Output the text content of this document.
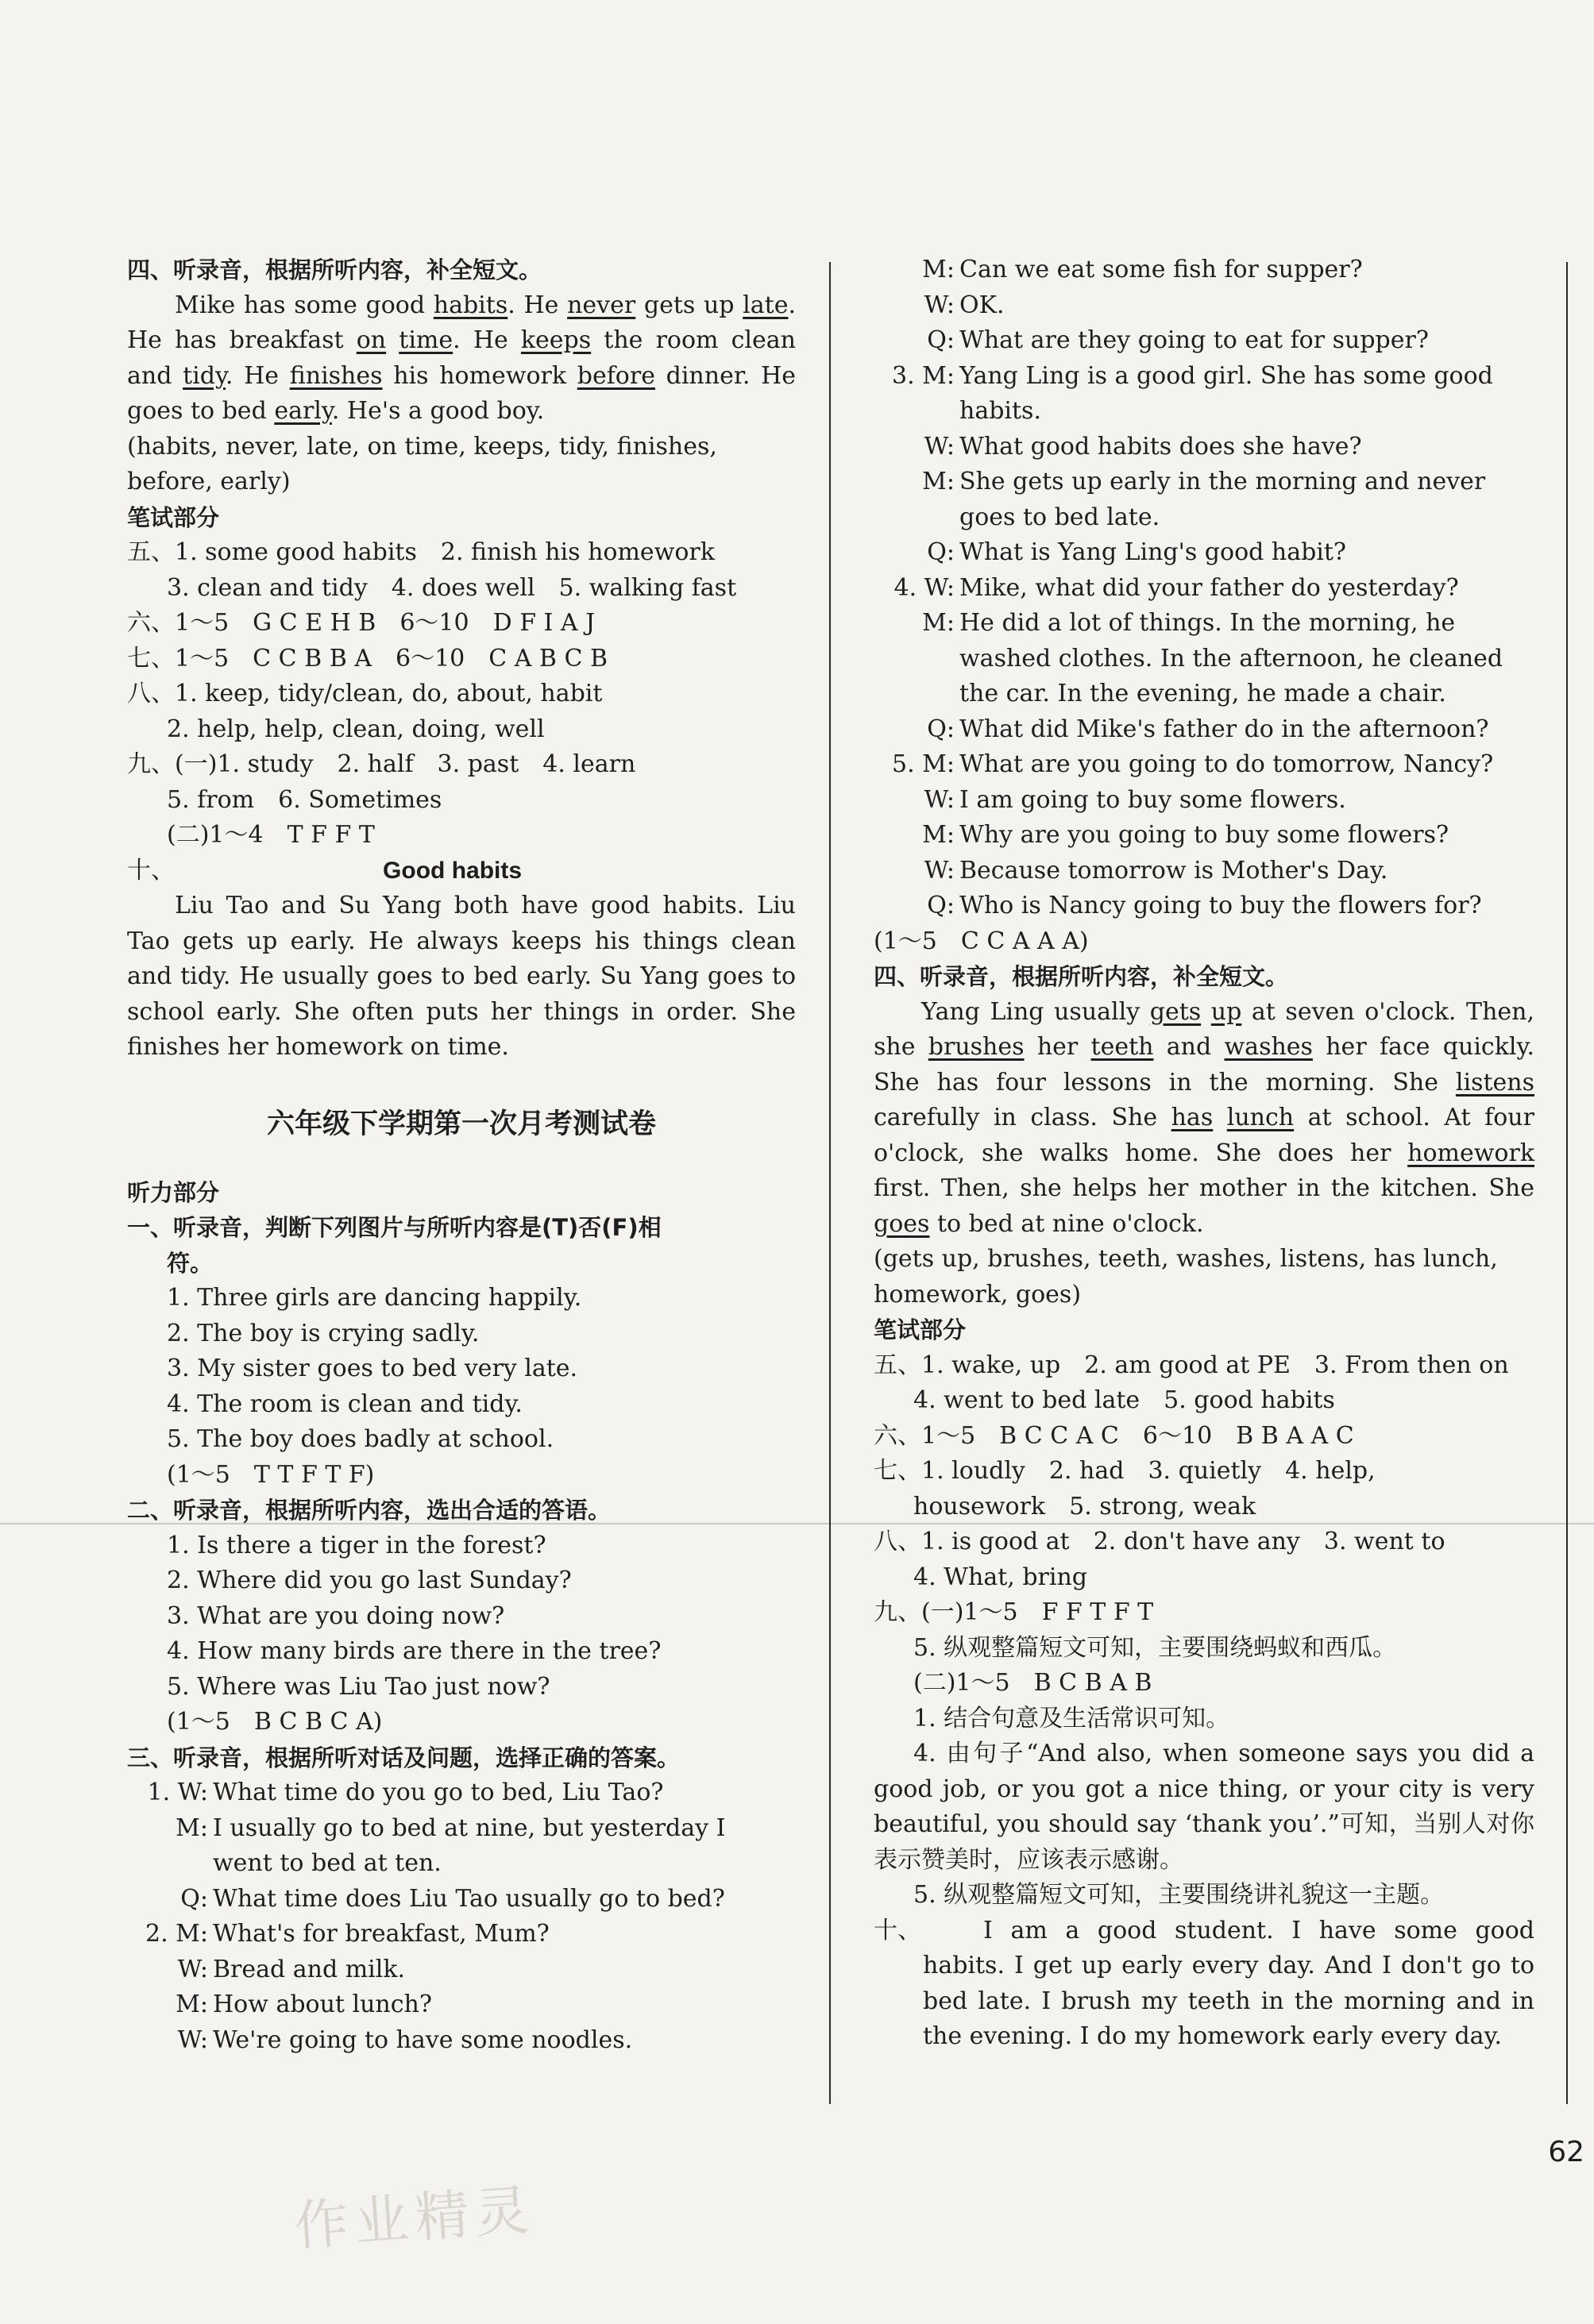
四、听录音，根据所听内容，补全短文。
Mike has some good habits. He never gets up late. He has breakfast on time. He keeps the room clean and tidy. He finishes his homework before dinner. He goes to bed early. He's a good boy.
(habits, never, late, on time, keeps, tidy, finishes, before, early)
笔试部分
五、1. some good habits　2. finish his homework
3. clean and tidy　4. does well　5. walking fast
六、1～5　G C E H B　6～10　D F I A J
七、1～5　C C B B A　6～10　C A B C B
八、1. keep, tidy/clean, do, about, habit
2. help, help, clean, doing, well
九、(一)1. study　2. half　3. past　4. learn
5. from　6. Sometimes
(二)1～4　T F F T
十、	Good habits
Liu Tao and Su Yang both have good habits. Liu Tao gets up early. He always keeps his things clean and tidy. He usually goes to bed early. Su Yang goes to school early. She often puts her things in order. She finishes her homework on time.
六年级下学期第一次月考测试卷
听力部分
一、听录音，判断下列图片与所听内容是(T)否(F)相
符。
1. Three girls are dancing happily.
2. The boy is crying sadly.
3. My sister goes to bed very late.
4. The room is clean and tidy.
5. The boy does badly at school.
(1～5　T T F T F)
二、听录音，根据所听内容，选出合适的答语。
1. Is there a tiger in the forest?
2. Where did you go last Sunday?
3. What are you doing now?
4. How many birds are there in the tree?
5. Where was Liu Tao just now?
(1～5　B C B C A)
三、听录音，根据所听对话及问题，选择正确的答案。
1. W: What time do you go to bed, Liu Tao?
M: I usually go to bed at nine, but yesterday I
went to bed at ten.
Q: What time does Liu Tao usually go to bed?
2. M: What's for breakfast, Mum?
W: Bread and milk.
M: How about lunch?
W: We're going to have some noodles.
M: Can we eat some fish for supper?
W: OK.
Q: What are they going to eat for supper?
3. M: Yang Ling is a good girl. She has some good
habits.
W: What good habits does she have?
M: She gets up early in the morning and never
goes to bed late.
Q: What is Yang Ling's good habit?
4. W: Mike, what did your father do yesterday?
M: He did a lot of things. In the morning, he
washed clothes. In the afternoon, he cleaned
the car. In the evening, he made a chair.
Q: What did Mike's father do in the afternoon?
5. M: What are you going to do tomorrow, Nancy?
W: I am going to buy some flowers.
M: Why are you going to buy some flowers?
W: Because tomorrow is Mother's Day.
Q: Who is Nancy going to buy the flowers for?
(1～5　C C A A A)
四、听录音，根据所听内容，补全短文。
Yang Ling usually gets up at seven o'clock. Then, she brushes her teeth and washes her face quickly. She has four lessons in the morning. She listens carefully in class. She has lunch at school. At four o'clock, she walks home. She does her homework first. Then, she helps her mother in the kitchen. She goes to bed at nine o'clock.
(gets up, brushes, teeth, washes, listens, has lunch, homework, goes)
笔试部分
五、1. wake, up　2. am good at PE　3. From then on
4. went to bed late　5. good habits
六、1～5　B C C A C　6～10　B B A A C
七、1. loudly　2. had　3. quietly　4. help,
housework　5. strong, weak
八、1. is good at　2. don't have any　3. went to
4. What, bring
九、(一)1～5　F F T F T
5. 纵观整篇短文可知，主要围绕蚂蚁和西瓜。
(二)1～5　B C B A B
1. 结合句意及生活常识可知。
4. 由句子“And also, when someone says you did a good job, or you got a nice thing, or your city is very beautiful, you should say ‘thank you’.”可知，当别人对你表示赞美时，应该表示感谢。
5. 纵观整篇短文可知，主要围绕讲礼貌这一主题。
十、	I am a good student. I have some good habits. I get up early every day. And I don't go to bed late. I brush my teeth in the morning and in the evening. I do my homework early every day.
62
作业精灵
